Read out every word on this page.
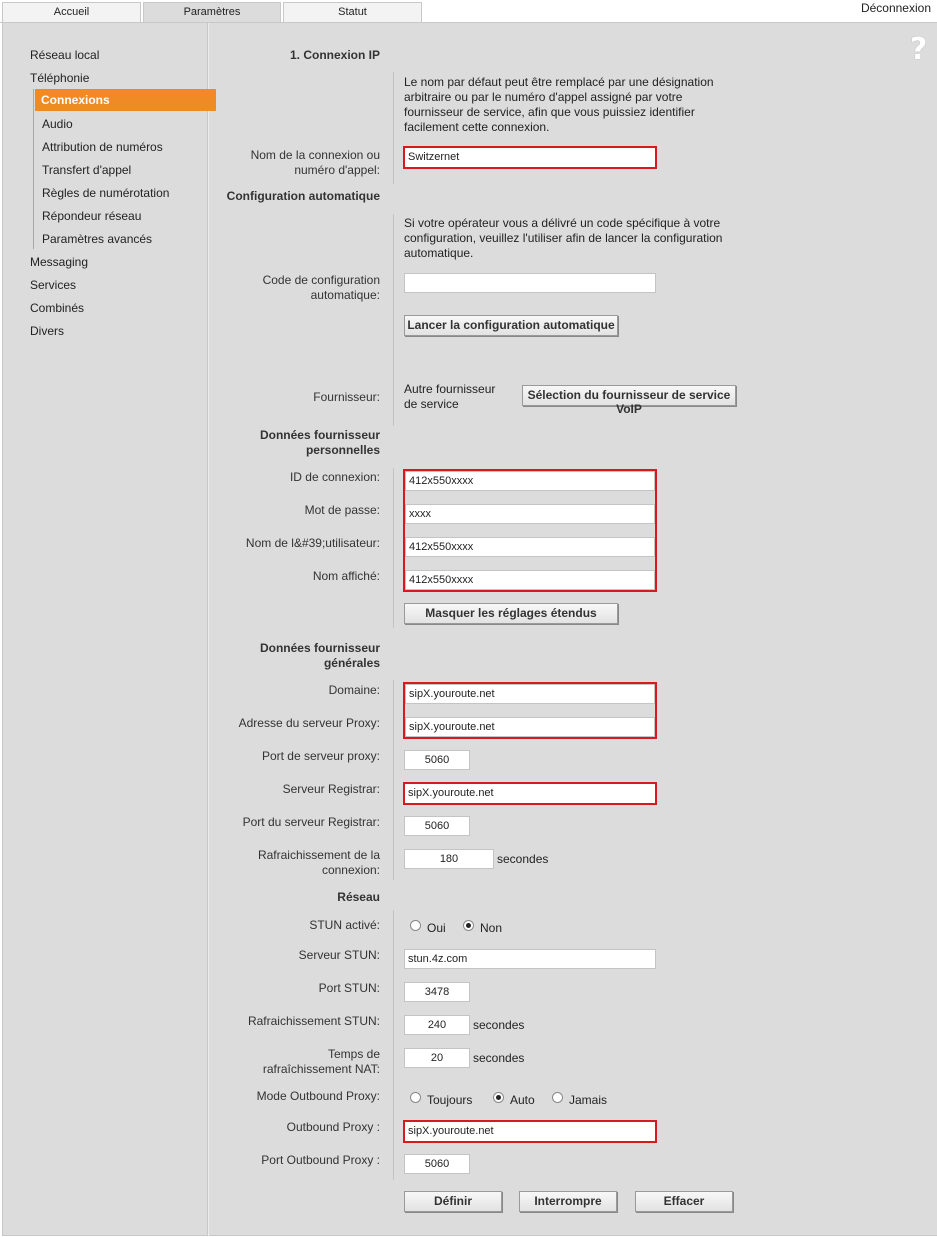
Accueil	Paramètres	Statut	Déconnexion
Réseau local
Téléphonie
Connexions
Audio
Attribution de numéros
Transfert d'appel
Règles de numérotation
Répondeur réseau
Paramètres avancés
Messaging
Services
Combinés
Divers
?
1. Connexion IP
Le nom par défaut peut être remplacé par une désignation
arbitraire ou par le numéro d'appel assigné par votre
fournisseur de service, afin que vous puissiez identifier
facilement cette connexion.
Nom de la connexion ou
numéro d'appel:
Switzernet
Configuration automatique
Si votre opérateur vous a délivré un code spécifique à votre
configuration, veuillez l'utiliser afin de lancer la configuration
automatique.
Code de configuration
automatique:
Lancer la configuration automatique
Fournisseur:
Autre fournisseur
de service
Sélection du fournisseur de service
VoIP
Données fournisseur
personnelles
ID de connexion:	412x550xxxx
Mot de passe:	xxxx
Nom de l&#39;utilisateur:	412x550xxxx
Nom affiché:	412x550xxxx
Masquer les réglages étendus
Données fournisseur
générales
Domaine:	sipX.youroute.net
Adresse du serveur Proxy:	sipX.youroute.net
Port de serveur proxy:	5060
Serveur Registrar:	sipX.youroute.net
Port du serveur Registrar:	5060
Rafraichissement de la
connexion:
180	secondes
Réseau
STUN activé:	Oui	Non
Serveur STUN:	stun.4z.com
Port STUN:	3478
Rafraichissement STUN:	240	secondes
Temps de
rafraîchissement NAT:
20	secondes
Mode Outbound Proxy:	Toujours	Auto	Jamais
Outbound Proxy :	sipX.youroute.net
Port Outbound Proxy :	5060
Définir	Interrompre	Effacer
